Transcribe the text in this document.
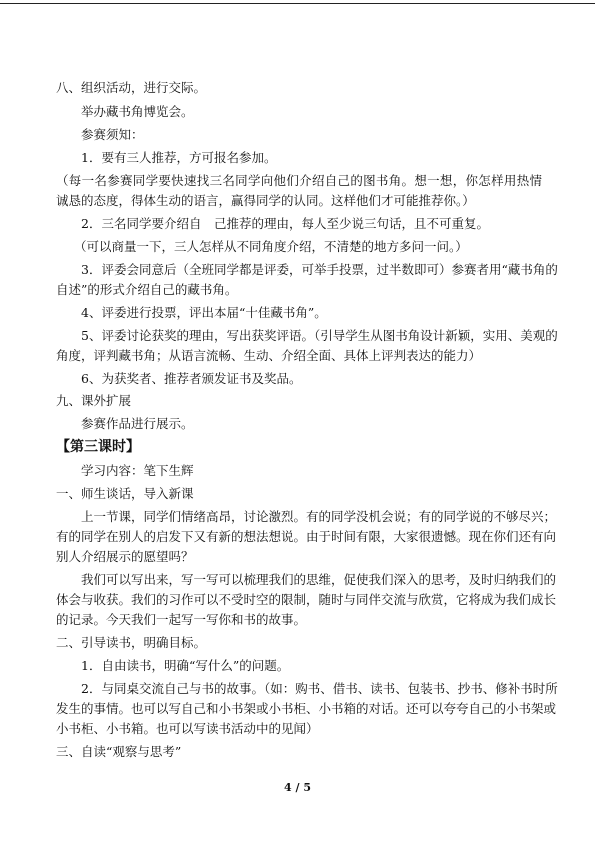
八、组织活动，进行交际。
举办藏书角博览会。
参赛须知：
1．要有三人推荐，方可报名参加。
（每一名参赛同学要快速找三名同学向他们介绍自己的图书角。想一想，你怎样用热情
诚恳的态度，得体生动的语言，赢得同学的认同。这样他们才可能推荐你。）
2．三名同学要介绍自　己推荐的理由，每人至少说三句话，且不可重复。
（可以商量一下，三人怎样从不同角度介绍，不清楚的地方多问一问。）
3．评委会同意后（全班同学都是评委，可举手投票，过半数即可）参赛者用“藏书角的
自述”的形式介绍自己的藏书角。
4、评委进行投票，评出本届“十佳藏书角”。
5、评委讨论获奖的理由，写出获奖评语。（引导学生从图书角设计新颖，实用、美观的
角度，评判藏书角；从语言流畅、生动、介绍全面、具体上评判表达的能力）
6、为获奖者、推荐者颁发证书及奖品。
九、课外扩展
参赛作品进行展示。
【第三课时】
学习内容：笔下生辉
一、师生谈话，导入新课
上一节课，同学们情绪高昂，讨论激烈。有的同学没机会说；有的同学说的不够尽兴；
有的同学在别人的启发下又有新的想法想说。由于时间有限，大家很遗憾。现在你们还有向
别人介绍展示的愿望吗？
我们可以写出来，写一写可以梳理我们的思维，促使我们深入的思考，及时归纳我们的
体会与收获。我们的习作可以不受时空的限制，随时与同伴交流与欣赏，它将成为我们成长
的记录。今天我们一起写一写你和书的故事。
二、引导读书，明确目标。
1．自由读书，明确“写什么”的问题。
2．与同桌交流自己与书的故事。（如：购书、借书、读书、包装书、抄书、修补书时所
发生的事情。也可以写自己和小书架或小书柜、小书箱的对话。还可以夸夸自己的小书架或
小书柜、小书箱。也可以写读书活动中的见闻）
三、自读“观察与思考”
4 / 5
